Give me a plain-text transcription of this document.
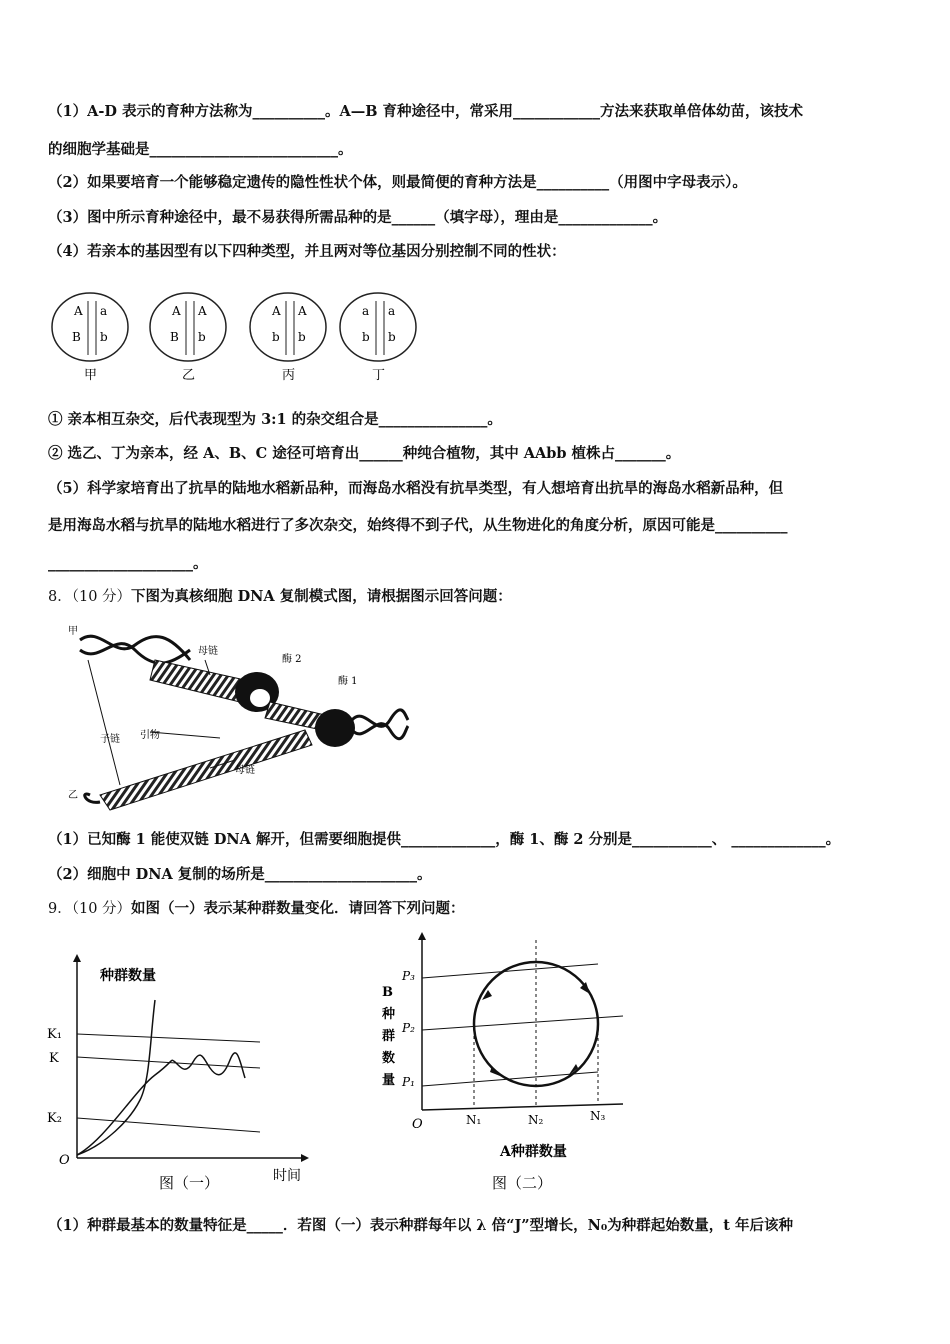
（1）A-D 表示的育种方法称为__________。A—B 育种途径中，常采用____________方法来获取单倍体幼苗，该技术
的细胞学基础是__________________________。
（2）如果要培育一个能够稳定遗传的隐性性状个体，则最简便的育种方法是__________（用图中字母表示）。
（3）图中所示育种途径中，最不易获得所需品种的是______（填字母），理由是_____________。
（4）若亲本的基因型有以下四种类型，并且两对等位基因分别控制不同的性状：
A a
B b
甲
A A
B b
乙
A A
b b
丙
a a
b b
丁
① 亲本相互杂交，后代表现型为 3:1 的杂交组合是_______________。
② 选乙、丁为亲本，经 A、B、C 途径可培育出______种纯合植物，其中 AAbb 植株占_______。
（5）科学家培育出了抗旱的陆地水稻新品种，而海岛水稻没有抗旱类型，有人想培育出抗旱的海岛水稻新品种，但
是用海岛水稻与抗旱的陆地水稻进行了多次杂交，始终得不到子代，从生物进化的角度分析，原因可能是__________
____________________。
8．（10 分）下图为真核细胞 DNA 复制模式图，请根据图示回答问题：
甲
乙
母链
母链
酶 2
酶 1
子链 引物
（1）已知酶 1 能使双链 DNA 解开，但需要细胞提供_____________，酶 1、酶 2 分别是___________、 _____________。
（2）细胞中 DNA 复制的场所是_____________________。
9．（10 分）如图（一）表示某种群数量变化．请回答下列问题：
种群数量
K₁
K
K₂
O
时间
图（一）
B
种
群
数
量
P₃
P₂
P₁
O	N₁	N₂	N₃
A种群数量
图（二）
（1）种群最基本的数量特征是_____．若图（一）表示种群每年以 λ 倍“J”型增长，N₀为种群起始数量，t 年后该种
